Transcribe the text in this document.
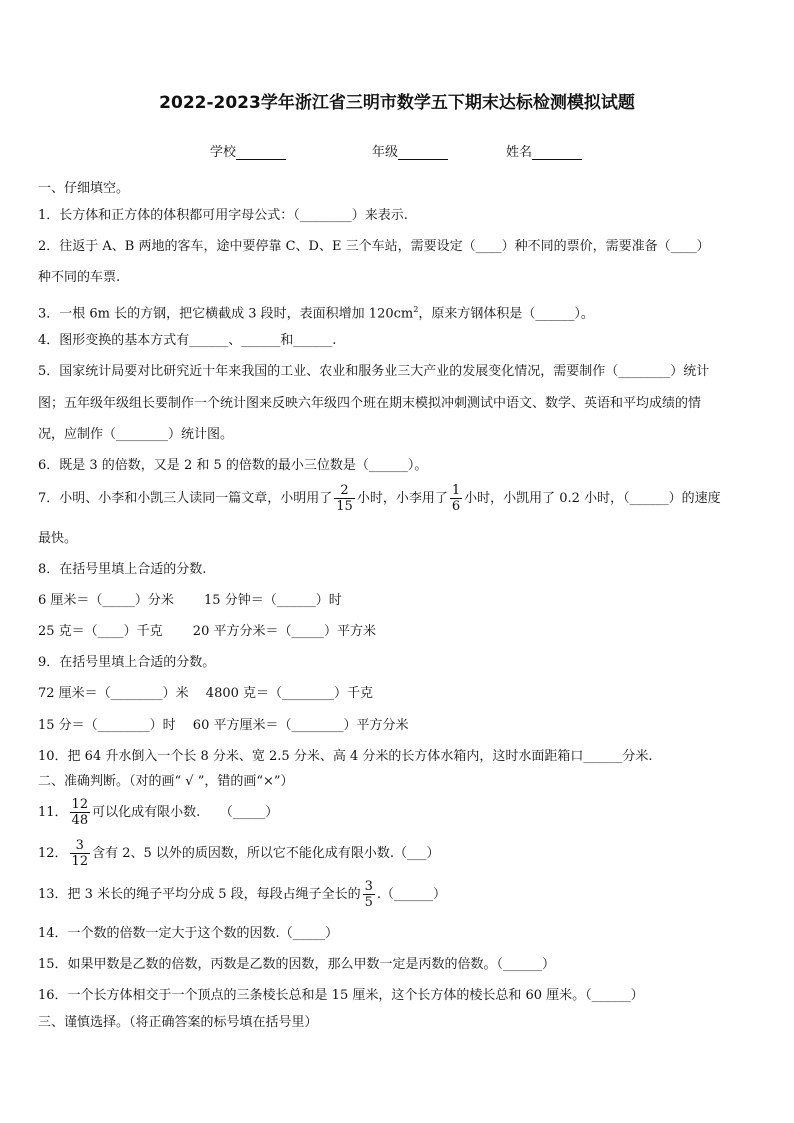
2022-2023学年浙江省三明市数学五下期末达标检测模拟试题
学校	年级	姓名
一、仔细填空。
1．长方体和正方体的体积都可用字母公式：（________）来表示.
2．往返于 A、B 两地的客车，途中要停靠 C、D、E 三个车站，需要设定（____）种不同的票价，需要准备（____）
种不同的车票.
3．一根 6m 长的方钢，把它横截成 3 段时，表面积增加 $120cm^2$，原来方钢体积是（______）。
4．图形变换的基本方式有______、______和______.
5．国家统计局要对比研究近十年来我国的工业、农业和服务业三大产业的发展变化情况，需要制作（________）统计
图；五年级年级组长要制作一个统计图来反映六年级四个班在期末模拟冲刺测试中语文、数学、英语和平均成绩的情
况，应制作（________）统计图。
6．既是 3 的倍数，又是 2 和 5 的倍数的最小三位数是（______）。
7．小明、小李和小凯三人读同一篇文章，小明用了 $\frac{2}{15}$ 小时，小李用了 $\frac{1}{6}$ 小时，小凯用了 0.2 小时，（______）的速度
最快。
8．在括号里填上合适的分数.
6 厘米＝（_____）分米　　 15 分钟＝（______）时
25 克＝（____）千克　　 20 平方分米＝（_____）平方米
9．在括号里填上合适的分数。
72 厘米＝（________）米　 4800 克＝（________）千克
15 分＝（________）时　 60 平方厘米＝（________）平方分米
10．把 64 升水倒入一个长 8 分米、宽 2.5 分米、高 4 分米的长方体水箱内，这时水面距箱口______分米.
二、准确判断。（对的画“ √ ”，错的画“×”）
11． $\frac{12}{48}$ 可以化成有限小数.　　（_____）
12． $\frac{3}{12}$ 含有 2、5 以外的质因数，所以它不能化成有限小数.（___）
13．把 3 米长的绳子平均分成 5 段，每段占绳子全长的 $\frac{3}{5}$ .（______）
14．一个数的倍数一定大于这个数的因数.（_____）
15．如果甲数是乙数的倍数，丙数是乙数的因数，那么甲数一定是丙数的倍数。（______）
16．一个长方体相交于一个顶点的三条棱长总和是 15 厘米，这个长方体的棱长总和 60 厘米。（______）
三、谨慎选择。（将正确答案的标号填在括号里）
